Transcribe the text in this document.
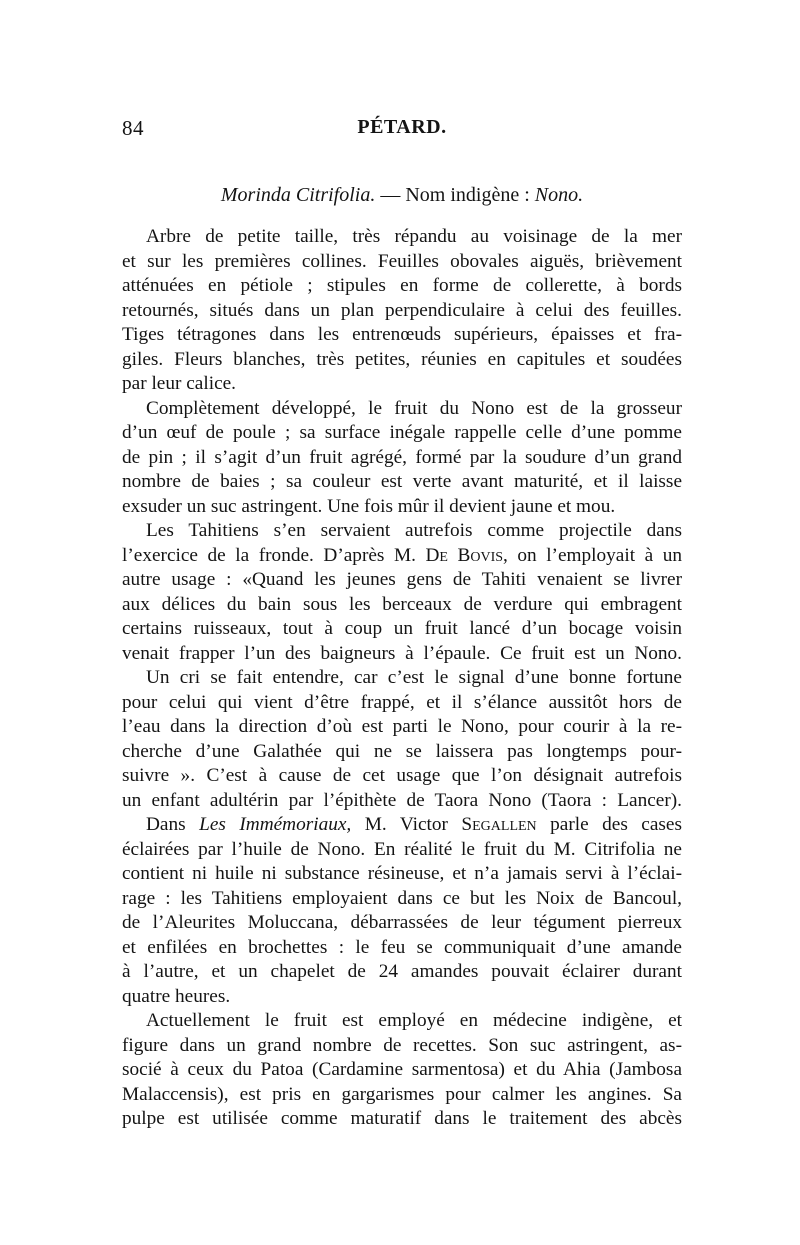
84	PÉTARD.
Morinda Citrifolia. — Nom indigène : Nono.
Arbre de petite taille, très répandu au voisinage de la mer
et sur les premières collines. Feuilles obovales aiguës, brièvement
atténuées en pétiole ; stipules en forme de collerette, à bords
retournés, situés dans un plan perpendiculaire à celui des feuilles.
Tiges tétragones dans les entrenœuds supérieurs, épaisses et fra-
giles. Fleurs blanches, très petites, réunies en capitules et soudées
par leur calice.
Complètement développé, le fruit du Nono est de la grosseur
d’un œuf de poule ; sa surface inégale rappelle celle d’une pomme
de pin ; il s’agit d’un fruit agrégé, formé par la soudure d’un grand
nombre de baies ; sa couleur est verte avant maturité, et il laisse
exsuder un suc astringent. Une fois mûr il devient jaune et mou.
Les Tahitiens s’en servaient autrefois comme projectile dans
l’exercice de la fronde. D’après M. De Bovis, on l’employait à un
autre usage : «Quand les jeunes gens de Tahiti venaient se livrer
aux délices du bain sous les berceaux de verdure qui embragent
certains ruisseaux, tout à coup un fruit lancé d’un bocage voisin
venait frapper l’un des baigneurs à l’épaule. Ce fruit est un Nono.
Un cri se fait entendre, car c’est le signal d’une bonne fortune
pour celui qui vient d’être frappé, et il s’élance aussitôt hors de
l’eau dans la direction d’où est parti le Nono, pour courir à la re-
cherche d’une Galathée qui ne se laissera pas longtemps pour-
suivre ». C’est à cause de cet usage que l’on désignait autrefois
un enfant adultérin par l’épithète de Taora Nono (Taora : Lancer).
Dans Les Immémoriaux, M. Victor Segallen parle des cases
éclairées par l’huile de Nono. En réalité le fruit du M. Citrifolia ne
contient ni huile ni substance résineuse, et n’a jamais servi à l’éclai-
rage : les Tahitiens employaient dans ce but les Noix de Bancoul,
de l’Aleurites Moluccana, débarrassées de leur tégument pierreux
et enfilées en brochettes : le feu se communiquait d’une amande
à l’autre, et un chapelet de 24 amandes pouvait éclairer durant
quatre heures.
Actuellement le fruit est employé en médecine indigène, et
figure dans un grand nombre de recettes. Son suc astringent, as-
socié à ceux du Patoa (Cardamine sarmentosa) et du Ahia (Jambosa
Malaccensis), est pris en gargarismes pour calmer les angines. Sa
pulpe est utilisée comme maturatif dans le traitement des abcès
